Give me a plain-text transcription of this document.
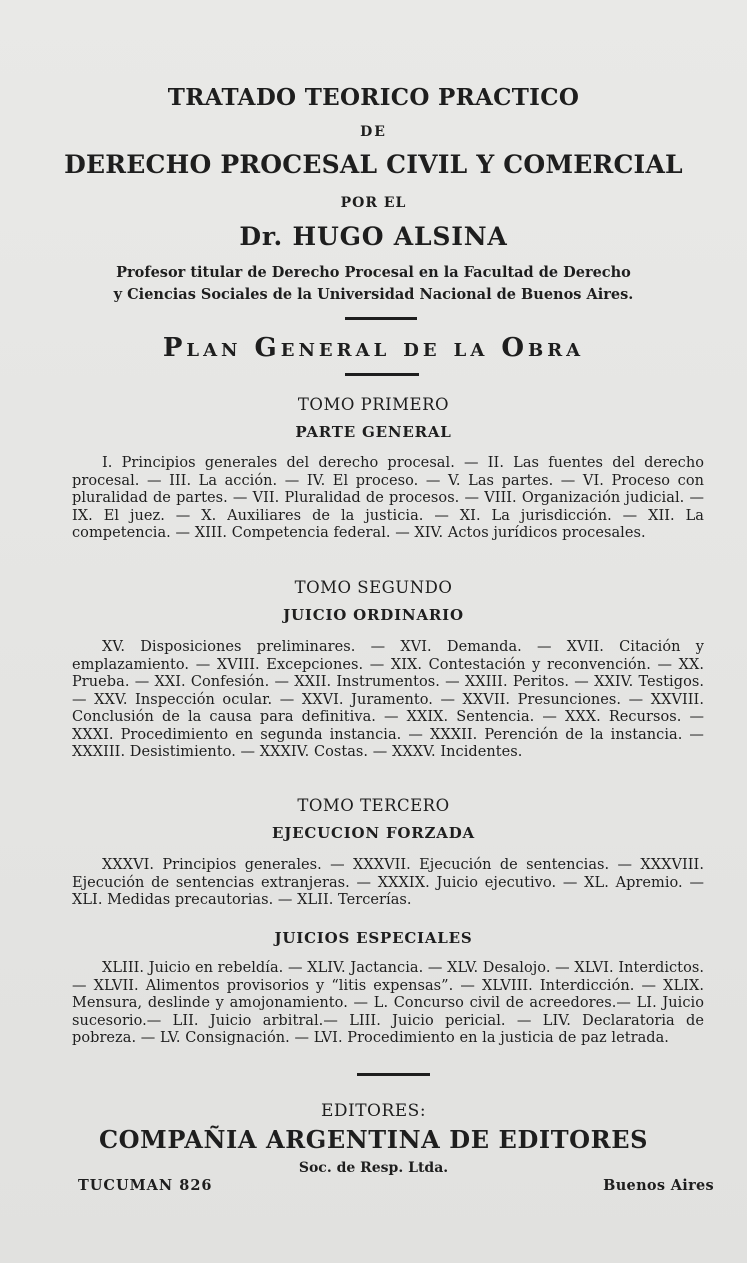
TRATADO TEORICO PRACTICO
DE
DERECHO PROCESAL CIVIL Y COMERCIAL
POR EL
Dr. HUGO ALSINA
Profesor titular de Derecho Procesal en la Facultad de Derecho
y Ciencias Sociales de la Universidad Nacional de Buenos Aires.
Plan General de la Obra
TOMO PRIMERO
PARTE GENERAL

I. Principios generales del derecho procesal. — II. Las fuentes del derecho procesal. — III. La acción. — IV. El proceso. — V. Las partes. — VI. Proceso con pluralidad de partes. — VII. Pluralidad de procesos. — VIII. Organización judicial. — IX. El juez. — X. Auxiliares de la justicia. — XI. La jurisdicción. — XII. La competencia. — XIII. Competencia federal. — XIV. Actos jurídicos procesales.

TOMO SEGUNDO
JUICIO ORDINARIO

XV. Disposiciones preliminares. — XVI. Demanda. — XVII. Citación y emplazamiento. — XVIII. Excepciones. — XIX. Contestación y reconvención. — XX. Prueba. — XXI. Confesión. — XXII. Instrumentos. — XXIII. Peritos. — XXIV. Testigos. — XXV. Inspección ocular. — XXVI. Juramento. — XXVII. Presunciones. — XXVIII. Conclusión de la causa para definitiva. — XXIX. Sentencia. — XXX. Recursos. — XXXI. Procedimiento en segunda instancia. — XXXII. Perención de la instancia. — XXXIII. Desistimiento. — XXXIV. Costas. — XXXV. Incidentes.

TOMO TERCERO
EJECUCION FORZADA

XXXVI. Principios generales. — XXXVII. Ejecución de sentencias. — XXXVIII. Ejecución de sentencias extranjeras. — XXXIX. Juicio ejecutivo. — XL. Apremio. — XLI. Medidas precautorias. — XLII. Tercerías.

JUICIOS ESPECIALES

XLIII. Juicio en rebeldía. — XLIV. Jactancia. — XLV. Desalojo. — XLVI. Interdictos. — XLVII. Alimentos provisorios y “litis expensas”. — XLVIII. Interdicción. — XLIX. Mensura, deslinde y amojonamiento. — L. Concurso civil de acreedores.— LI. Juicio sucesorio.— LII. Juicio arbitral.— LIII. Juicio pericial. — LIV. Declaratoria de pobreza. — LV. Consignación. — LVI. Procedimiento en la justicia de paz letrada.

EDITORES:
COMPAÑIA ARGENTINA DE EDITORES
Soc. de Resp. Ltda.
TUCUMAN 826	Buenos Aires
